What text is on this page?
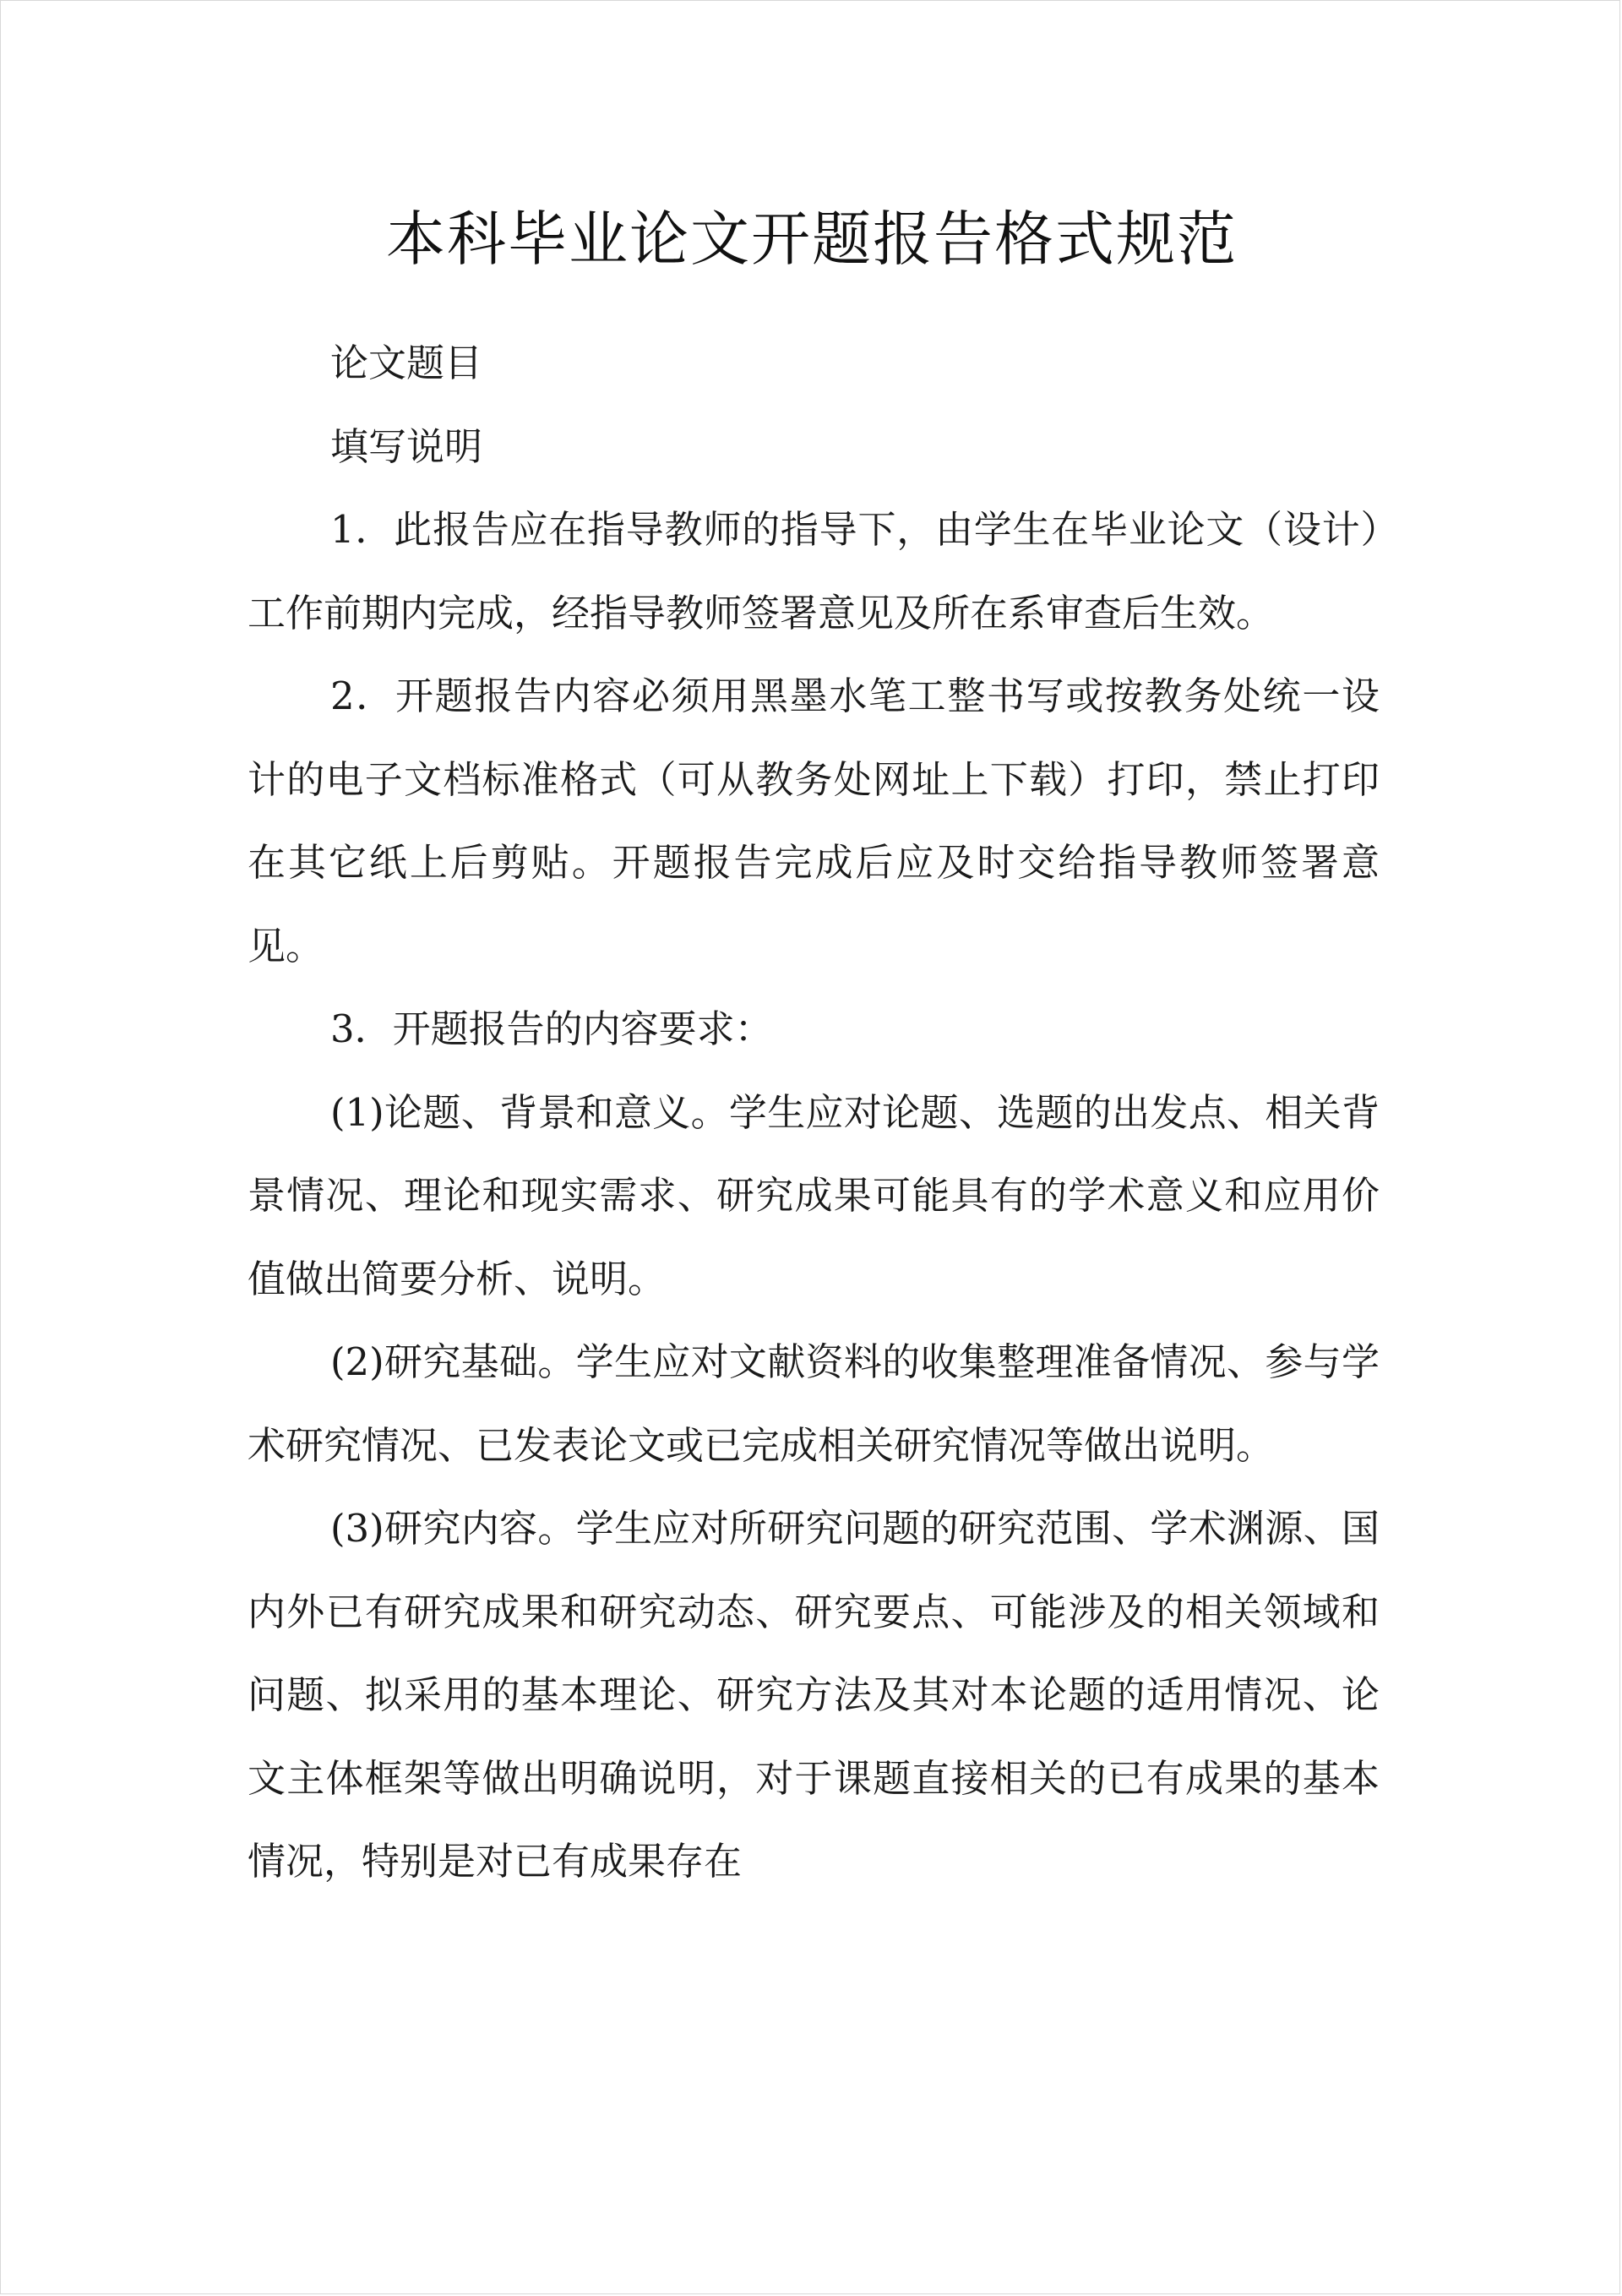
本科毕业论文开题报告格式规范

论文题目

填写说明

1．此报告应在指导教师的指导下，由学生在毕业论文（设计）工作前期内完成，经指导教师签署意见及所在系审查后生效。

2．开题报告内容必须用黑墨水笔工整书写或按教务处统一设计的电子文档标准格式（可从教务处网址上下载）打印，禁止打印在其它纸上后剪贴。开题报告完成后应及时交给指导教师签署意见。

3．开题报告的内容要求：

(1)论题、背景和意义。学生应对论题、选题的出发点、相关背景情况、理论和现实需求、研究成果可能具有的学术意义和应用价值做出简要分析、说明。

(2)研究基础。学生应对文献资料的收集整理准备情况、参与学术研究情况、已发表论文或已完成相关研究情况等做出说明。

(3)研究内容。学生应对所研究问题的研究范围、学术渊源、国内外已有研究成果和研究动态、研究要点、可能涉及的相关领域和问题、拟采用的基本理论、研究方法及其对本论题的适用情况、论文主体框架等做出明确说明，对于课题直接相关的已有成果的基本情况，特别是对已有成果存在
